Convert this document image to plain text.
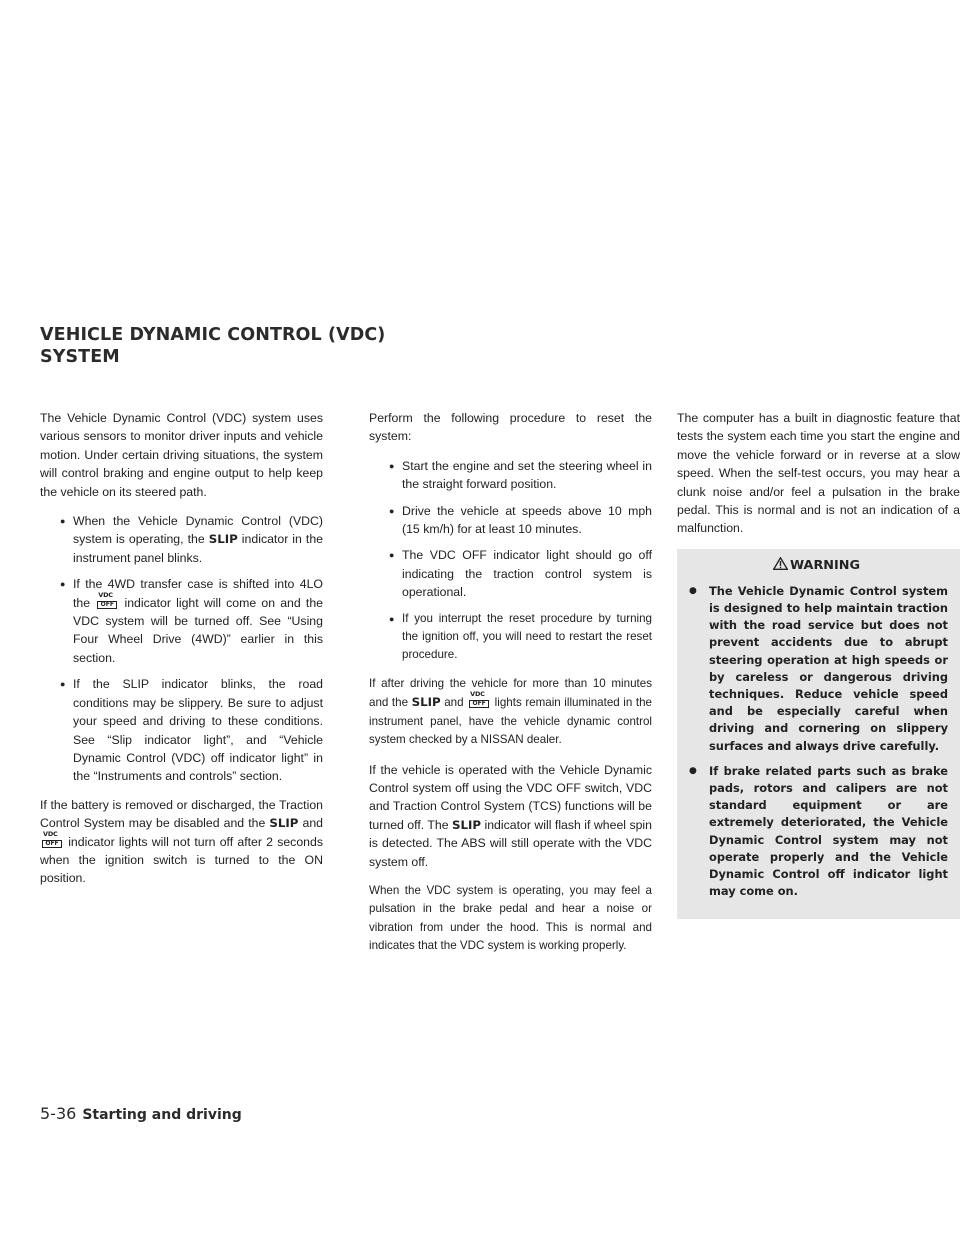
VEHICLE DYNAMIC CONTROL (VDC) SYSTEM

The Vehicle Dynamic Control (VDC) system uses various sensors to monitor driver inputs and vehicle motion. Under certain driving situations, the system will control braking and engine output to help keep the vehicle on its steered path.

● When the Vehicle Dynamic Control (VDC) system is operating, the SLIP indicator in the instrument panel blinks.
● If the 4WD transfer case is shifted into 4LO the
VDC
OFF indicator light will come on and the VDC system will be turned off. See “Using Four Wheel Drive (4WD)” earlier in this section.
● If the SLIP indicator blinks, the road conditions may be slippery. Be sure to adjust your speed and driving to these conditions. See “Slip indicator light”, and “Vehicle Dynamic Control (VDC) off indicator light” in the “Instruments and controls” section.

If the battery is removed or discharged, the Traction Control System may be disabled and the SLIP and
VDC
OFF indicator lights will not turn off after 2 seconds when the ignition switch is turned to the ON position.

Perform the following procedure to reset the system:

● Start the engine and set the steering wheel in the straight forward position.
● Drive the vehicle at speeds above 10 mph (15 km/h) for at least 10 minutes.
● The VDC OFF indicator light should go off indicating the traction control system is operational.
● If you interrupt the reset procedure by turning the ignition off, you will need to restart the reset procedure.

If after driving the vehicle for more than 10 minutes and the SLIP and
VDC
OFF lights remain illuminated in the instrument panel, have the vehicle dynamic control system checked by a NISSAN dealer.

If the vehicle is operated with the Vehicle Dynamic Control system off using the VDC OFF switch, VDC and Traction Control System (TCS) functions will be turned off. The SLIP indicator will flash if wheel spin is detected. The ABS will still operate with the VDC system off.

When the VDC system is operating, you may feel a pulsation in the brake pedal and hear a noise or vibration from under the hood. This is normal and indicates that the VDC system is working properly.

The computer has a built in diagnostic feature that tests the system each time you start the engine and move the vehicle forward or in reverse at a slow speed. When the self-test occurs, you may hear a clunk noise and/or feel a pulsation in the brake pedal. This is normal and is not an indication of a malfunction.

WARNING
● The Vehicle Dynamic Control system is designed to help maintain traction with the road service but does not prevent accidents due to abrupt steering operation at high speeds or by careless or dangerous driving techniques. Reduce vehicle speed and be especially careful when driving and cornering on slippery surfaces and always drive carefully.
● If brake related parts such as brake pads, rotors and calipers are not standard equipment or are extremely deteriorated, the Vehicle Dynamic Control system may not operate properly and the Vehicle Dynamic Control off indicator light may come on.
5-36 Starting and driving
